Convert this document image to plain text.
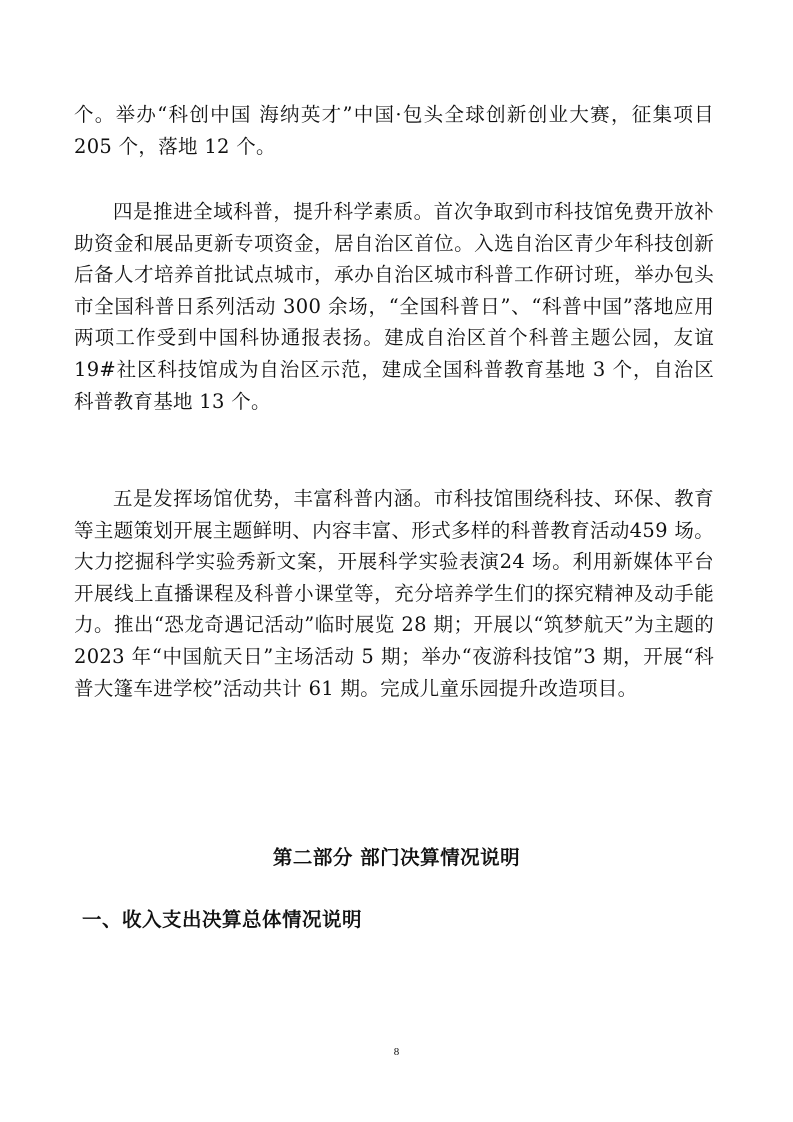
个。举办“科创中国 海纳英才”中国·包头全球创新创业大赛，征集项目 205 个，落地 12 个。

四是推进全域科普，提升科学素质。首次争取到市科技馆免费开放补助资金和展品更新专项资金，居自治区首位。入选自治区青少年科技创新后备人才培养首批试点城市，承办自治区城市科普工作研讨班，举办包头市全国科普日系列活动 300 余场，“全国科普日”、“科普中国”落地应用两项工作受到中国科协通报表扬。建成自治区首个科普主题公园，友谊 19#社区科技馆成为自治区示范，建成全国科普教育基地 3 个，自治区科普教育基地 13 个。

五是发挥场馆优势，丰富科普内涵。市科技馆围绕科技、环保、教育等主题策划开展主题鲜明、内容丰富、形式多样的科普教育活动459 场。大力挖掘科学实验秀新文案，开展科学实验表演24 场。利用新媒体平台开展线上直播课程及科普小课堂等，充分培养学生们的探究精神及动手能力。推出“恐龙奇遇记活动”临时展览 28 期；开展以“筑梦航天”为主题的 2023 年“中国航天日”主场活动 5 期；举办“夜游科技馆”3 期，开展“科普大篷车进学校”活动共计 61 期。完成儿童乐园提升改造项目。

第二部分 部门决算情况说明
一、收入支出决算总体情况说明
8
